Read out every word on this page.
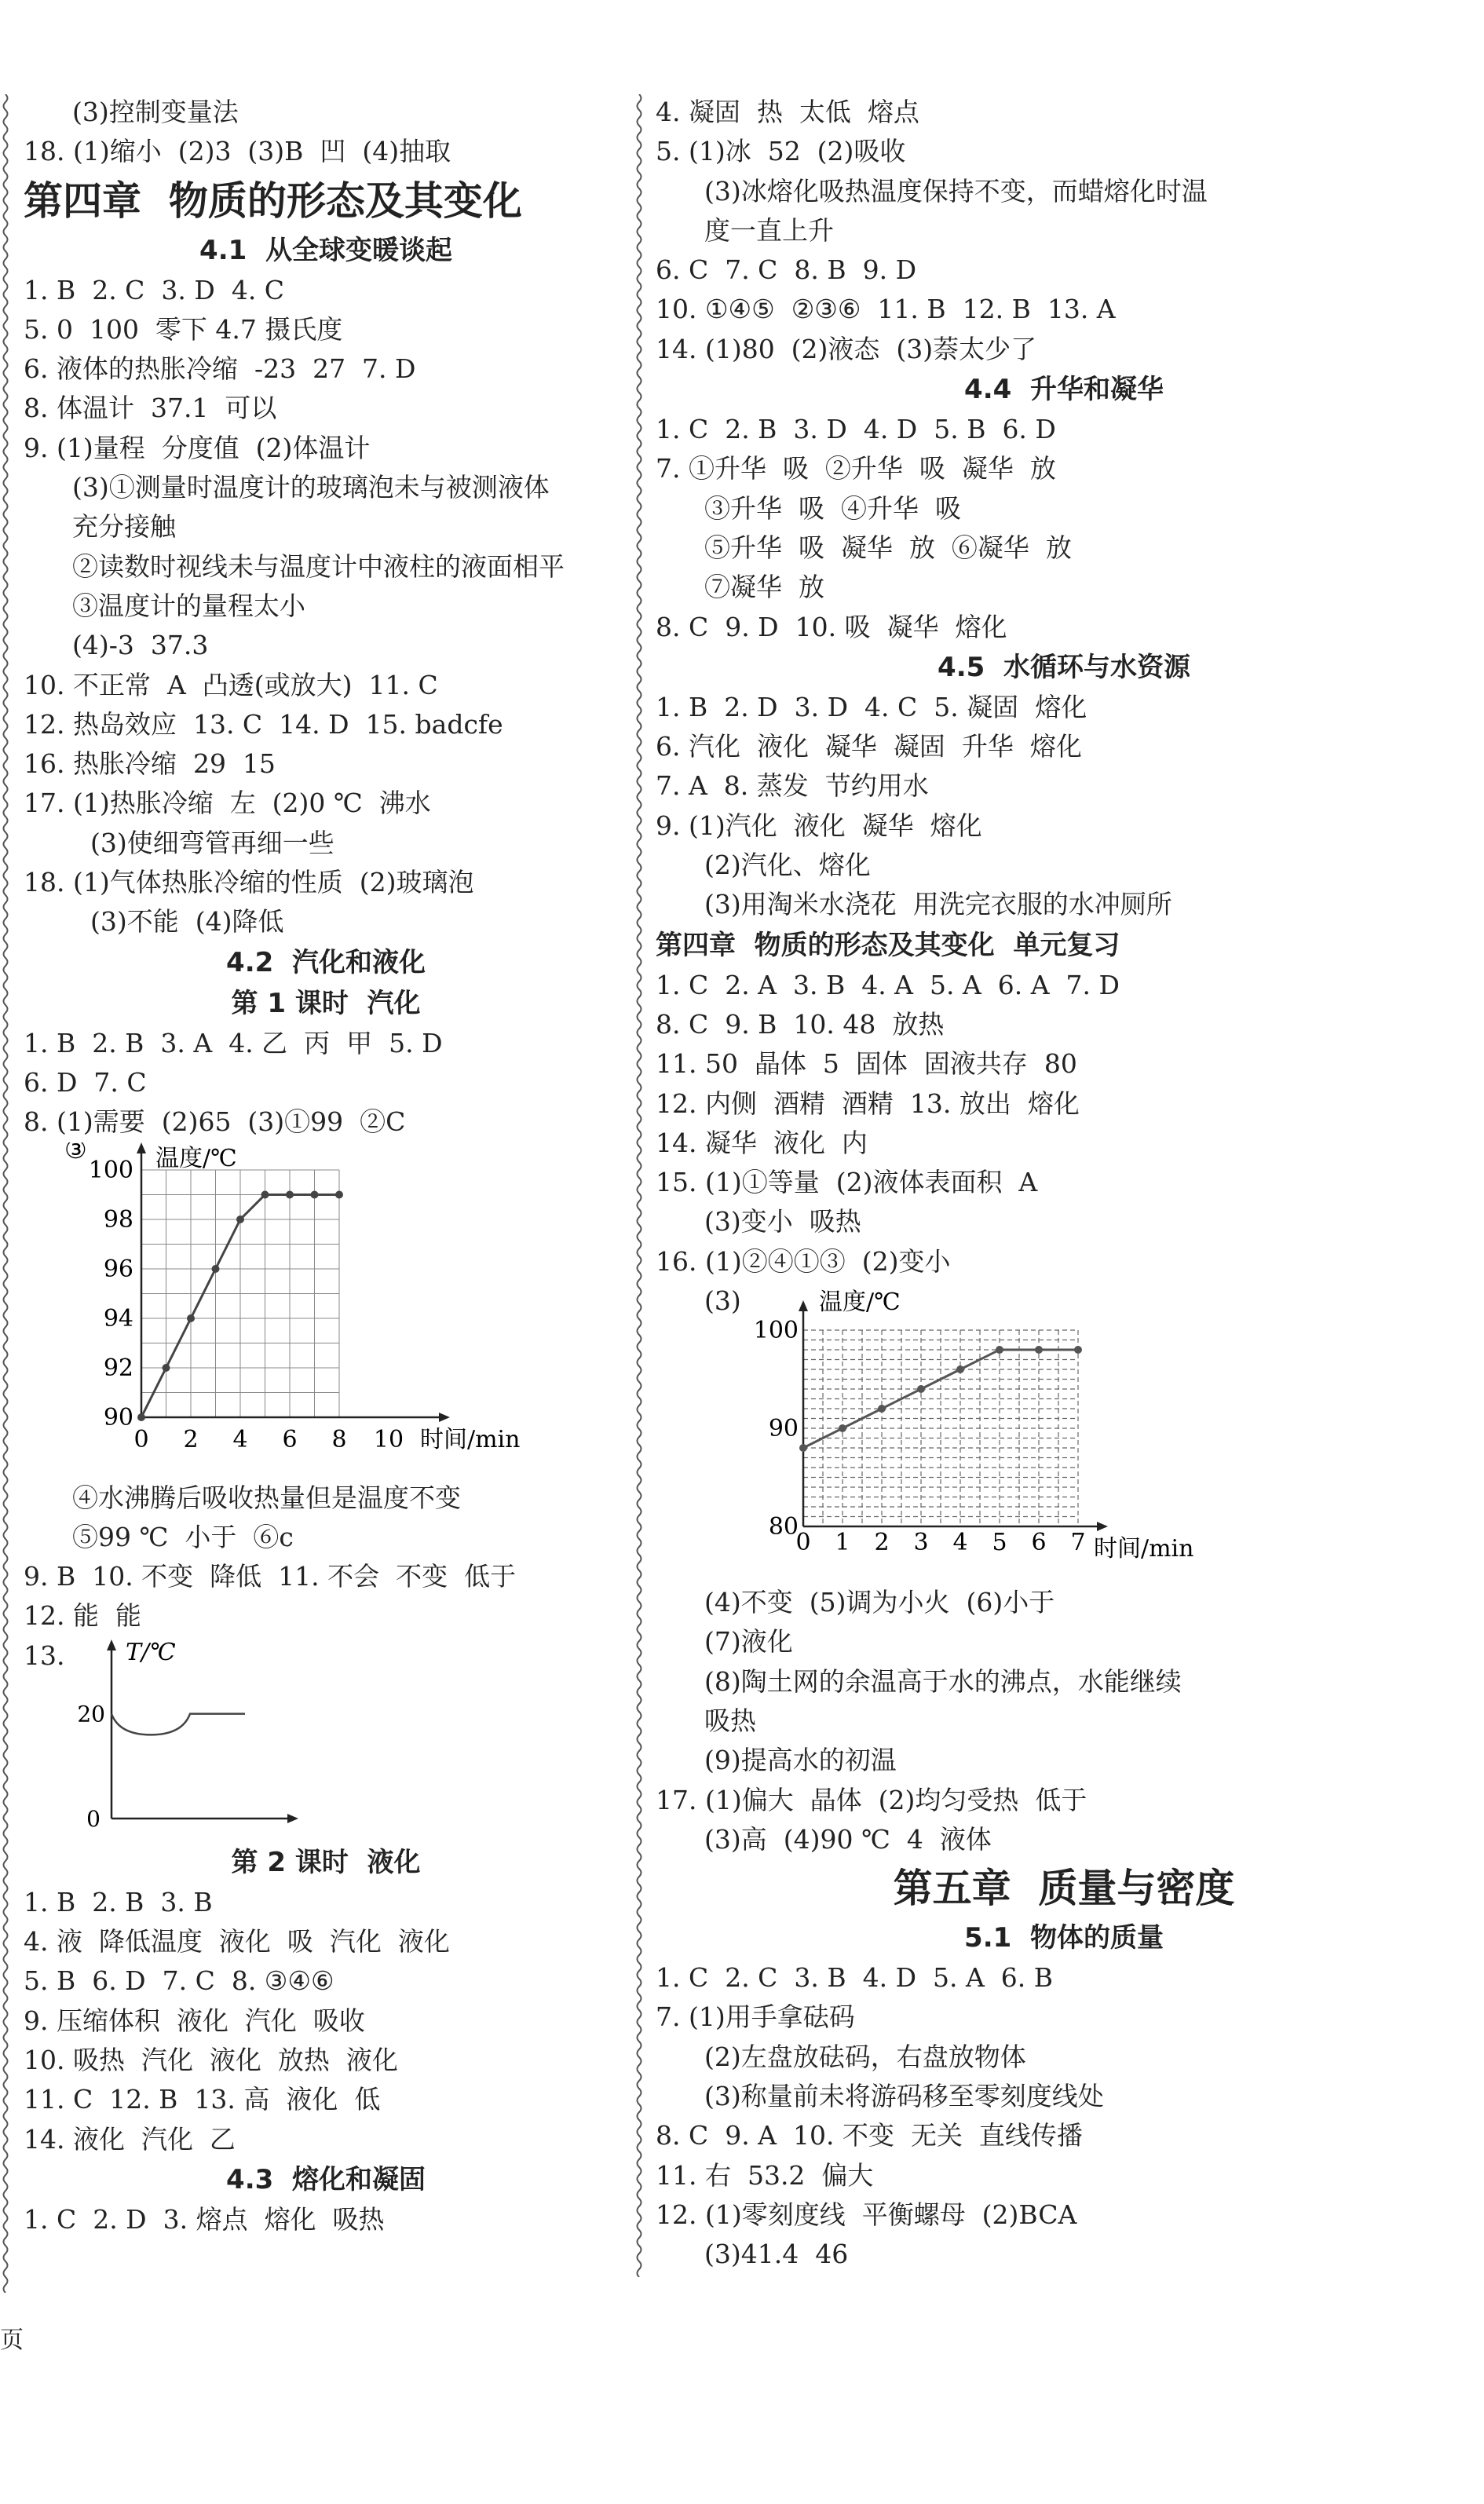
(3)控制变量法
18. (1)缩小  (2)3  (3)B  凹  (4)抽取
第四章  物质的形态及其变化
4.1  从全球变暖谈起
1. B  2. C  3. D  4. C
5. 0  100  零下 4.7 摄氏度
6. 液体的热胀冷缩  -23  27  7. D
8. 体温计  37.1  可以
9. (1)量程  分度值  (2)体温计
(3)①测量时温度计的玻璃泡未与被测液体
充分接触
②读数时视线未与温度计中液柱的液面相平
③温度计的量程太小
(4)-3  37.3
10. 不正常  A  凸透(或放大)  11. C
12. 热岛效应  13. C  14. D  15. badcfe
16. 热胀冷缩  29  15
17. (1)热胀冷缩  左  (2)0 ℃  沸水
(3)使细弯管再细一些
18. (1)气体热胀冷缩的性质  (2)玻璃泡
(3)不能  (4)降低
4.2  汽化和液化
第 1 课时  汽化
1. B  2. B  3. A  4. 乙  丙  甲  5. D
6. D  7. C
8. (1)需要  (2)65  (3)①99  ②C
③	温度/℃
时间/min
90
92
94
96
98
100
0 2 4 6 8 10
④水沸腾后吸收热量但是温度不变
⑤99 ℃  小于  ⑥c
9. B  10. 不变  降低  11. 不会  不变  低于
12. 能  能
13.	T/℃
0
20
第 2 课时  液化
1. B  2. B  3. B
4. 液  降低温度  液化  吸  汽化  液化
5. B  6. D  7. C  8. ③④⑥
9. 压缩体积  液化  汽化  吸收
10. 吸热  汽化  液化  放热  液化
11. C  12. B  13. 高  液化  低
14. 液化  汽化  乙
4.3  熔化和凝固
1. C  2. D  3. 熔点  熔化  吸热
4. 凝固  热  太低  熔点
5. (1)冰  52  (2)吸收
(3)冰熔化吸热温度保持不变，而蜡熔化时温
度一直上升
6. C  7. C  8. B  9. D
10. ①④⑤  ②③⑥  11. B  12. B  13. A
14. (1)80  (2)液态  (3)萘太少了
4.4  升华和凝华
1. C  2. B  3. D  4. D  5. B  6. D
7. ①升华  吸  ②升华  吸  凝华  放
③升华  吸  ④升华  吸
⑤升华  吸  凝华  放  ⑥凝华  放
⑦凝华  放
8. C  9. D  10. 吸  凝华  熔化
4.5  水循环与水资源
1. B  2. D  3. D  4. C  5. 凝固  熔化
6. 汽化  液化  凝华  凝固  升华  熔化
7. A  8. 蒸发  节约用水
9. (1)汽化  液化  凝华  熔化
(2)汽化、熔化
(3)用淘米水浇花  用洗完衣服的水冲厕所
第四章  物质的形态及其变化  单元复习
1. C  2. A  3. B  4. A  5. A  6. A  7. D
8. C  9. B  10. 48  放热
11. 50  晶体  5  固体  固液共存  80
12. 内侧  酒精  酒精  13. 放出  熔化
14. 凝华  液化  内
15. (1)①等量  (2)液体表面积  A
(3)变小  吸热
16. (1)②④①③  (2)变小
(3)	温度/℃
时间/min
80
90
100
0 1 2 3 4 5 6 7
(4)不变  (5)调为小火  (6)小于
(7)液化
(8)陶土网的余温高于水的沸点，水能继续
吸热
(9)提高水的初温
17. (1)偏大  晶体  (2)均匀受热  低于
(3)高  (4)90 ℃  4  液体
第五章  质量与密度
5.1  物体的质量
1. C  2. C  3. B  4. D  5. A  6. B
7. (1)用手拿砝码
(2)左盘放砝码，右盘放物体
(3)称量前未将游码移至零刻度线处
8. C  9. A  10. 不变  无关  直线传播
11. 右  53.2  偏大
12. (1)零刻度线  平衡螺母  (2)BCA
(3)41.4  46
页
